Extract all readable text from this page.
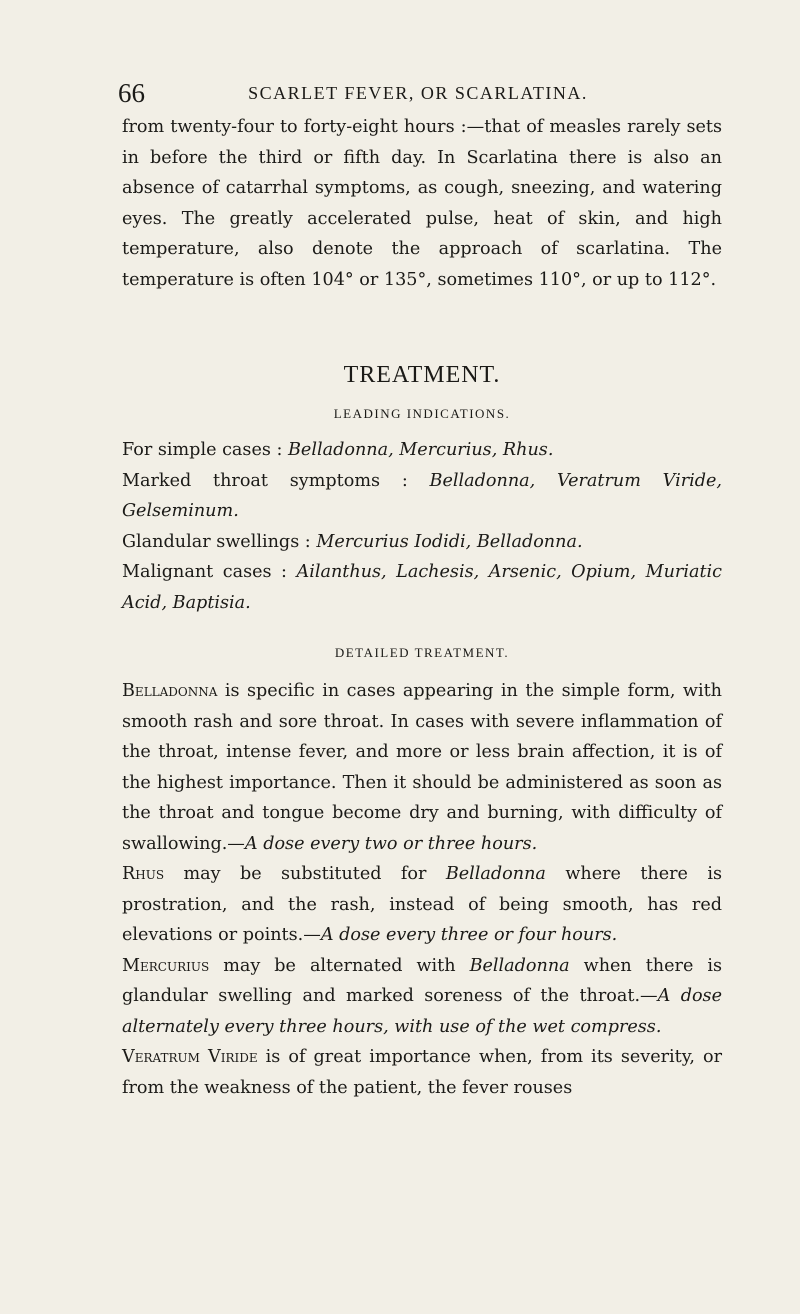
66	SCARLET FEVER, OR SCARLATINA.

from twenty-four to forty-eight hours :—that of measles rarely sets in before the third or fifth day. In Scarlatina there is also an absence of catarrhal symptoms, as cough, sneezing, and watering eyes. The greatly accelerated pulse, heat of skin, and high temperature, also denote the approach of scarlatina. The temperature is often 104° or 135°, sometimes 110°, or up to 112°.

TREATMENT.
LEADING INDICATIONS.

For simple cases : Belladonna, Mercurius, Rhus.

Marked throat symptoms : Belladonna, Veratrum Viride, Gelseminum.

Glandular swellings : Mercurius Iodidi, Belladonna.

Malignant cases : Ailanthus, Lachesis, Arsenic, Opium, Muriatic Acid, Baptisia.

DETAILED TREATMENT.

Belladonna is specific in cases appearing in the simple form, with smooth rash and sore throat. In cases with severe inflammation of the throat, intense fever, and more or less brain affection, it is of the highest importance. Then it should be administered as soon as the throat and tongue become dry and burning, with difficulty of swallowing.—A dose every two or three hours.

Rhus may be substituted for Belladonna where there is prostration, and the rash, instead of being smooth, has red elevations or points.—A dose every three or four hours.

Mercurius may be alternated with Belladonna when there is glandular swelling and marked soreness of the throat.—A dose alternately every three hours, with use of the wet compress.

Veratrum Viride is of great importance when, from its severity, or from the weakness of the patient, the fever rouses
